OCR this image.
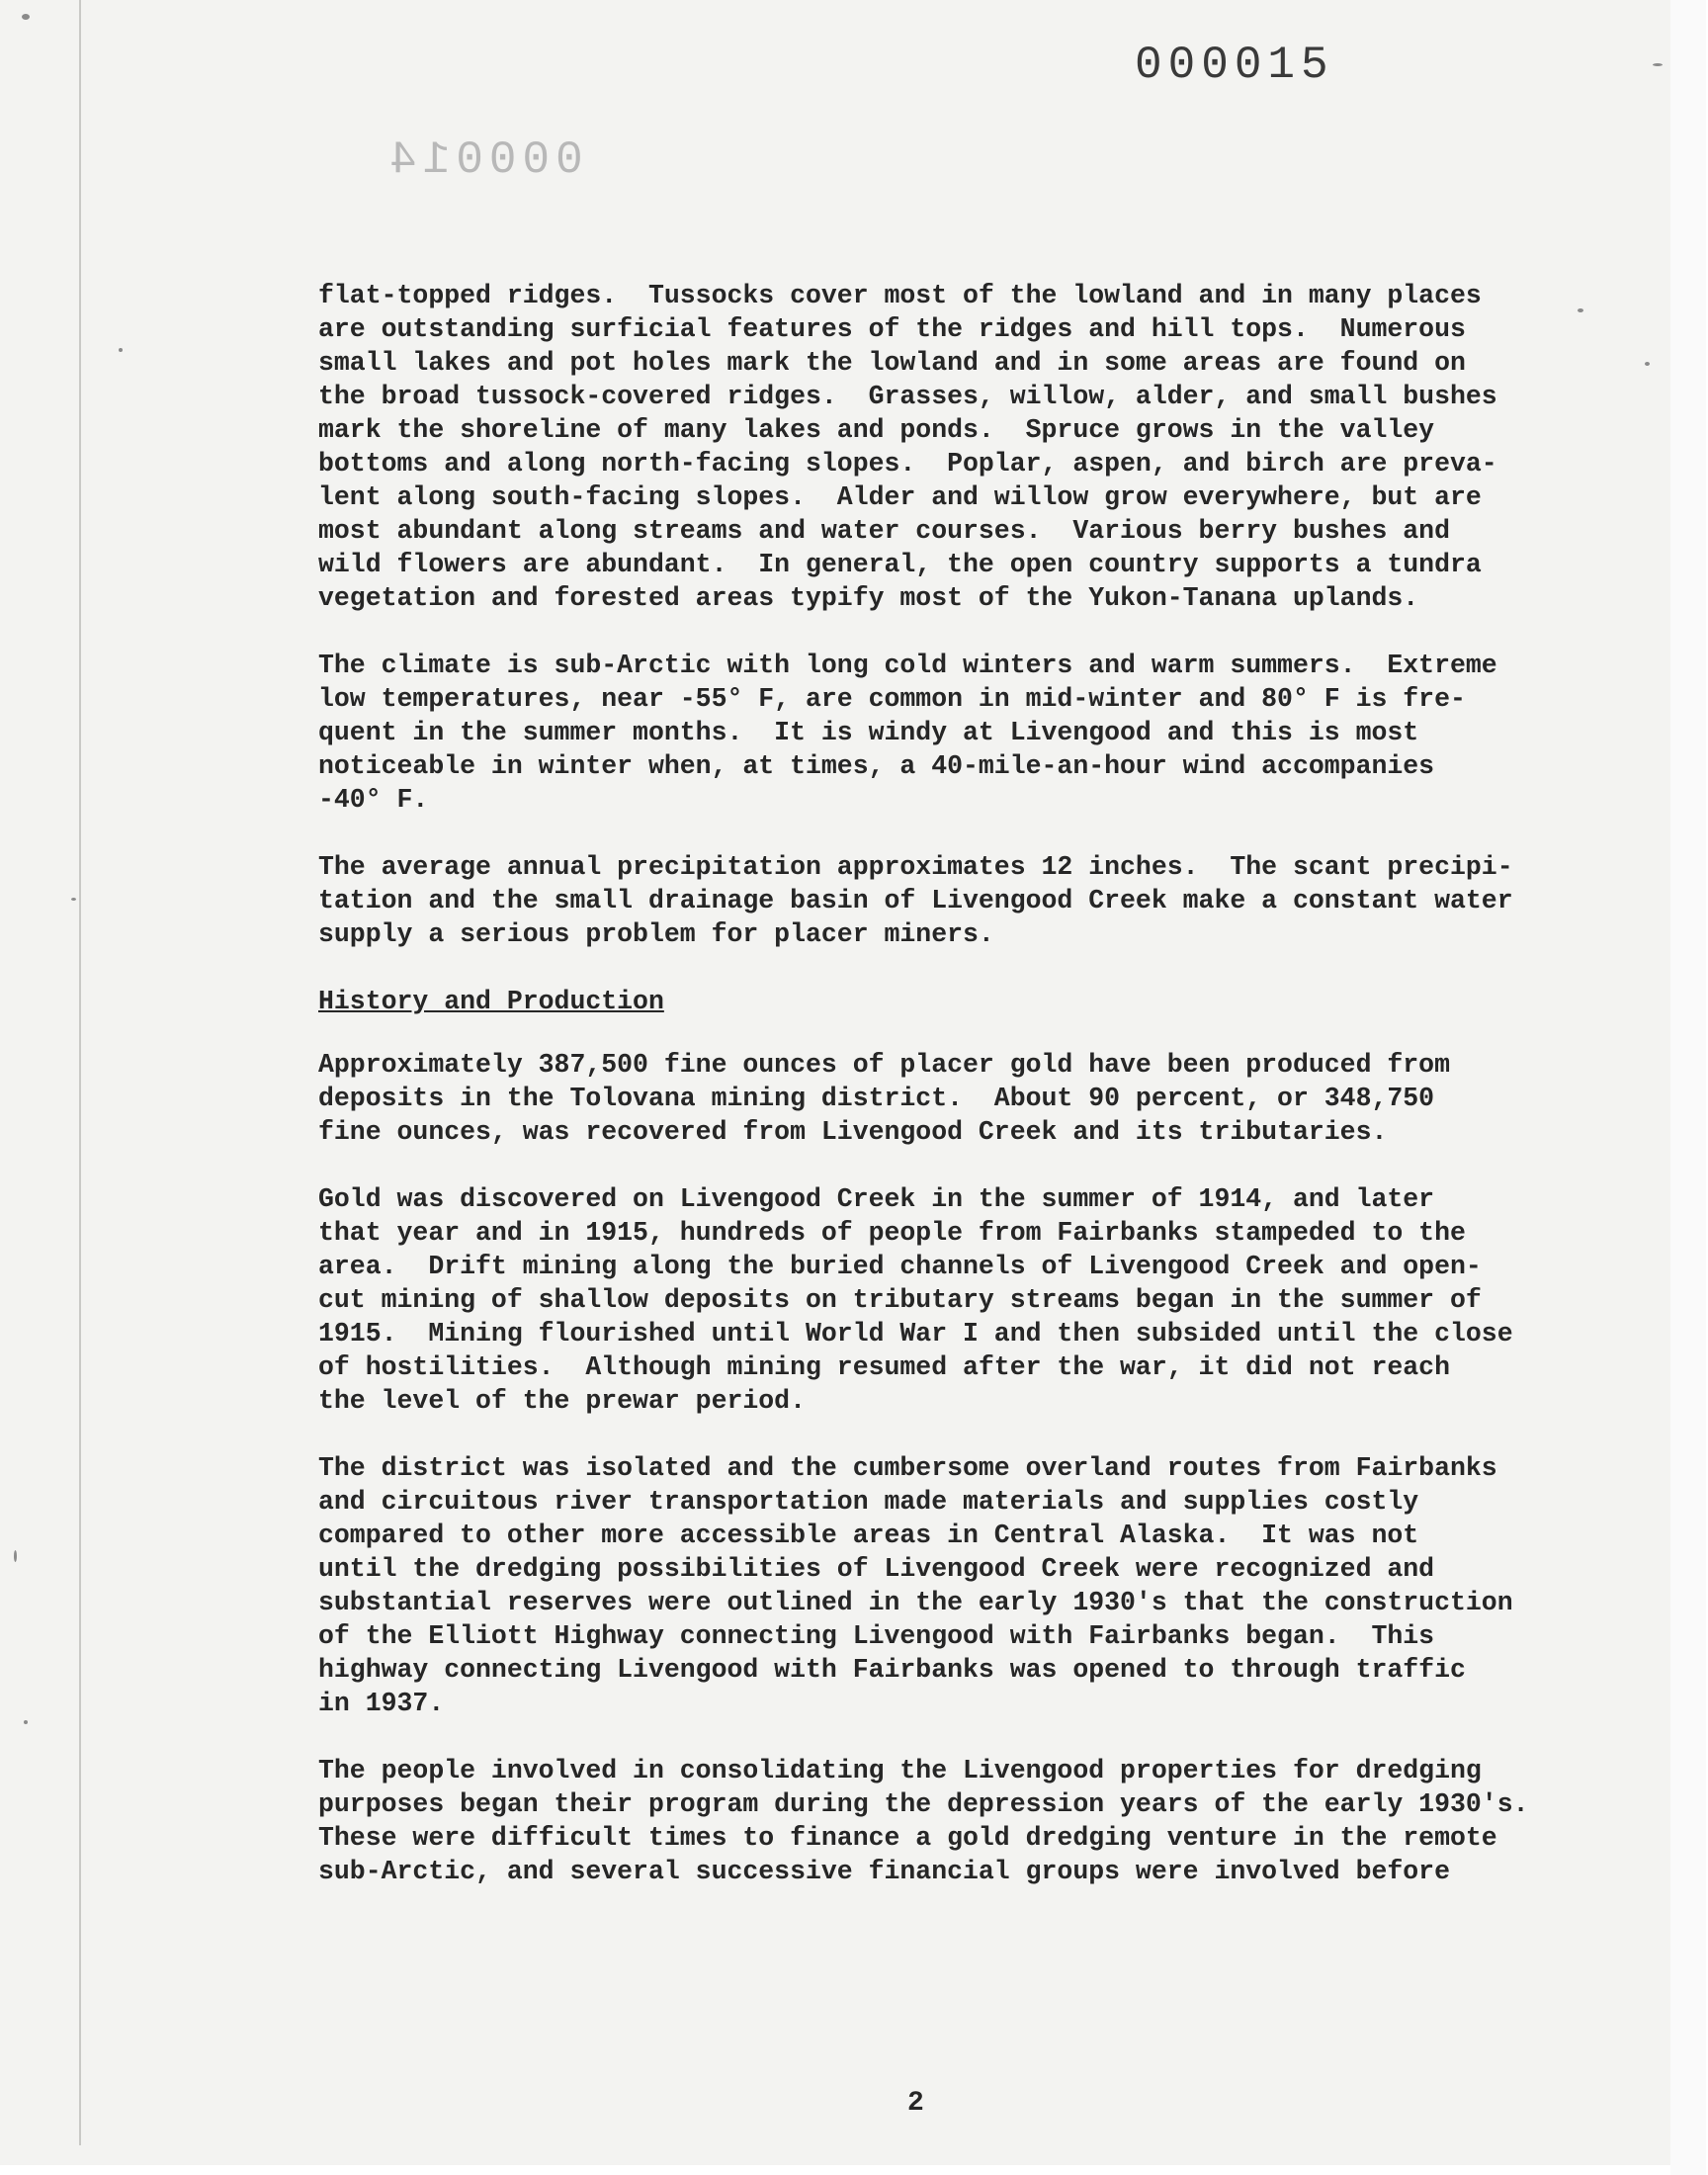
000015
000014

flat-topped ridges.  Tussocks cover most of the lowland and in many places
are outstanding surficial features of the ridges and hill tops.  Numerous
small lakes and pot holes mark the lowland and in some areas are found on
the broad tussock-covered ridges.  Grasses, willow, alder, and small bushes
mark the shoreline of many lakes and ponds.  Spruce grows in the valley
bottoms and along north-facing slopes.  Poplar, aspen, and birch are preva-
lent along south-facing slopes.  Alder and willow grow everywhere, but are
most abundant along streams and water courses.  Various berry bushes and
wild flowers are abundant.  In general, the open country supports a tundra
vegetation and forested areas typify most of the Yukon-Tanana uplands.

The climate is sub-Arctic with long cold winters and warm summers.  Extreme
low temperatures, near -55° F, are common in mid-winter and 80° F is fre-
quent in the summer months.  It is windy at Livengood and this is most
noticeable in winter when, at times, a 40-mile-an-hour wind accompanies
-40° F.

The average annual precipitation approximates 12 inches.  The scant precipi-
tation and the small drainage basin of Livengood Creek make a constant water
supply a serious problem for placer miners.

History and Production

Approximately 387,500 fine ounces of placer gold have been produced from
deposits in the Tolovana mining district.  About 90 percent, or 348,750
fine ounces, was recovered from Livengood Creek and its tributaries.

Gold was discovered on Livengood Creek in the summer of 1914, and later
that year and in 1915, hundreds of people from Fairbanks stampeded to the
area.  Drift mining along the buried channels of Livengood Creek and open-
cut mining of shallow deposits on tributary streams began in the summer of
1915.  Mining flourished until World War I and then subsided until the close
of hostilities.  Although mining resumed after the war, it did not reach
the level of the prewar period.

The district was isolated and the cumbersome overland routes from Fairbanks
and circuitous river transportation made materials and supplies costly
compared to other more accessible areas in Central Alaska.  It was not
until the dredging possibilities of Livengood Creek were recognized and
substantial reserves were outlined in the early 1930's that the construction
of the Elliott Highway connecting Livengood with Fairbanks began.  This
highway connecting Livengood with Fairbanks was opened to through traffic
in 1937.

The people involved in consolidating the Livengood properties for dredging
purposes began their program during the depression years of the early 1930's.
These were difficult times to finance a gold dredging venture in the remote
sub-Arctic, and several successive financial groups were involved before

2
